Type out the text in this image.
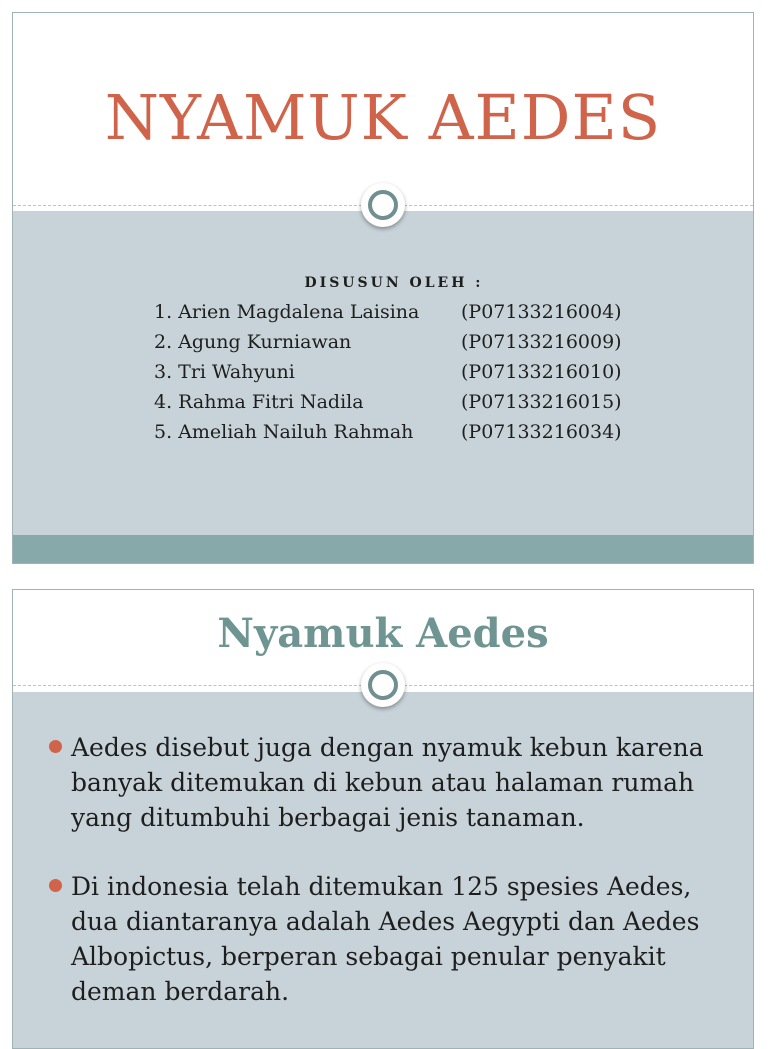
NYAMUK AEDES
DISUSUN OLEH :
1. Arien Magdalena Laisina	(P07133216004)
2. Agung Kurniawan	(P07133216009)
3. Tri Wahyuni	(P07133216010)
4. Rahma Fitri Nadila	(P07133216015)
5. Ameliah Nailuh Rahmah	(P07133216034)
Nyamuk Aedes
Aedes disebut juga dengan nyamuk kebun karena banyak ditemukan di kebun atau halaman rumah yang ditumbuhi berbagai jenis tanaman.
Di indonesia telah ditemukan 125 spesies Aedes, dua diantaranya adalah Aedes Aegypti dan Aedes Albopictus, berperan sebagai penular penyakit deman berdarah.
